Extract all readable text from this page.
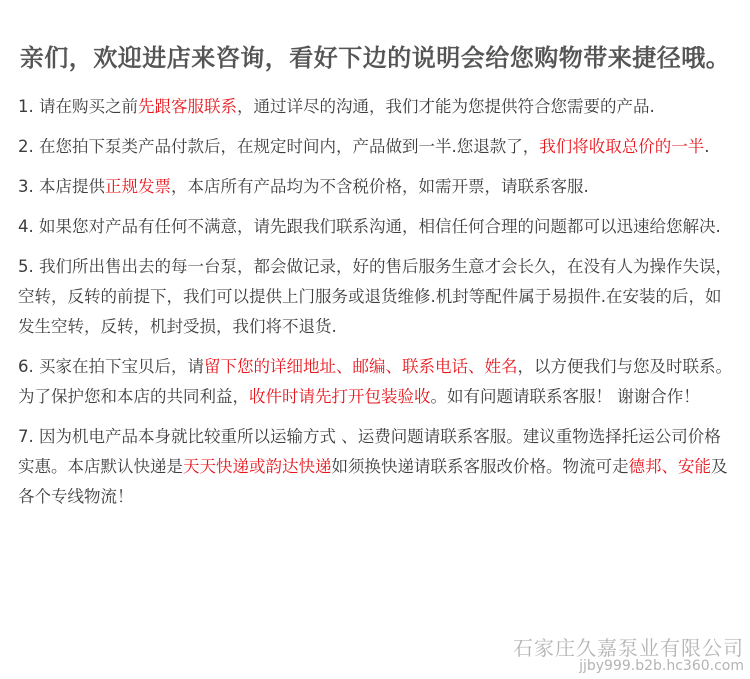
亲们，欢迎进店来咨询，看好下边的说明会给您购物带来捷径哦。

1. 请在购买之前先跟客服联系，通过详尽的沟通，我们才能为您提供符合您需要的产品.

2. 在您拍下泵类产品付款后，在规定时间内，产品做到一半.您退款了，我们将收取总价的一半.

3. 本店提供正规发票，本店所有产品均为不含税价格，如需开票，请联系客服.

4. 如果您对产品有任何不满意，请先跟我们联系沟通，相信任何合理的问题都可以迅速给您解决.

5. 我们所出售出去的每一台泵，都会做记录，好的售后服务生意才会长久，在没有人为操作失误，空转，反转的前提下，我们可以提供上门服务或退货维修.机封等配件属于易损件.在安装的后，如发生空转，反转，机封受损，我们将不退货.

6. 买家在拍下宝贝后，请留下您的详细地址、邮编、联系电话、姓名，以方便我们与您及时联系。为了保护您和本店的共同利益，收件时请先打开包装验收。如有问题请联系客服！ 谢谢合作！

7. 因为机电产品本身就比较重所以运输方式 、运费问题请联系客服。建议重物选择托运公司价格实惠。本店默认快递是天天快递或韵达快递如须换快递请联系客服改价格。物流可走德邦、安能及各个专线物流！

石家庄久嘉泵业有限公司
jjby999.b2b.hc360.com
